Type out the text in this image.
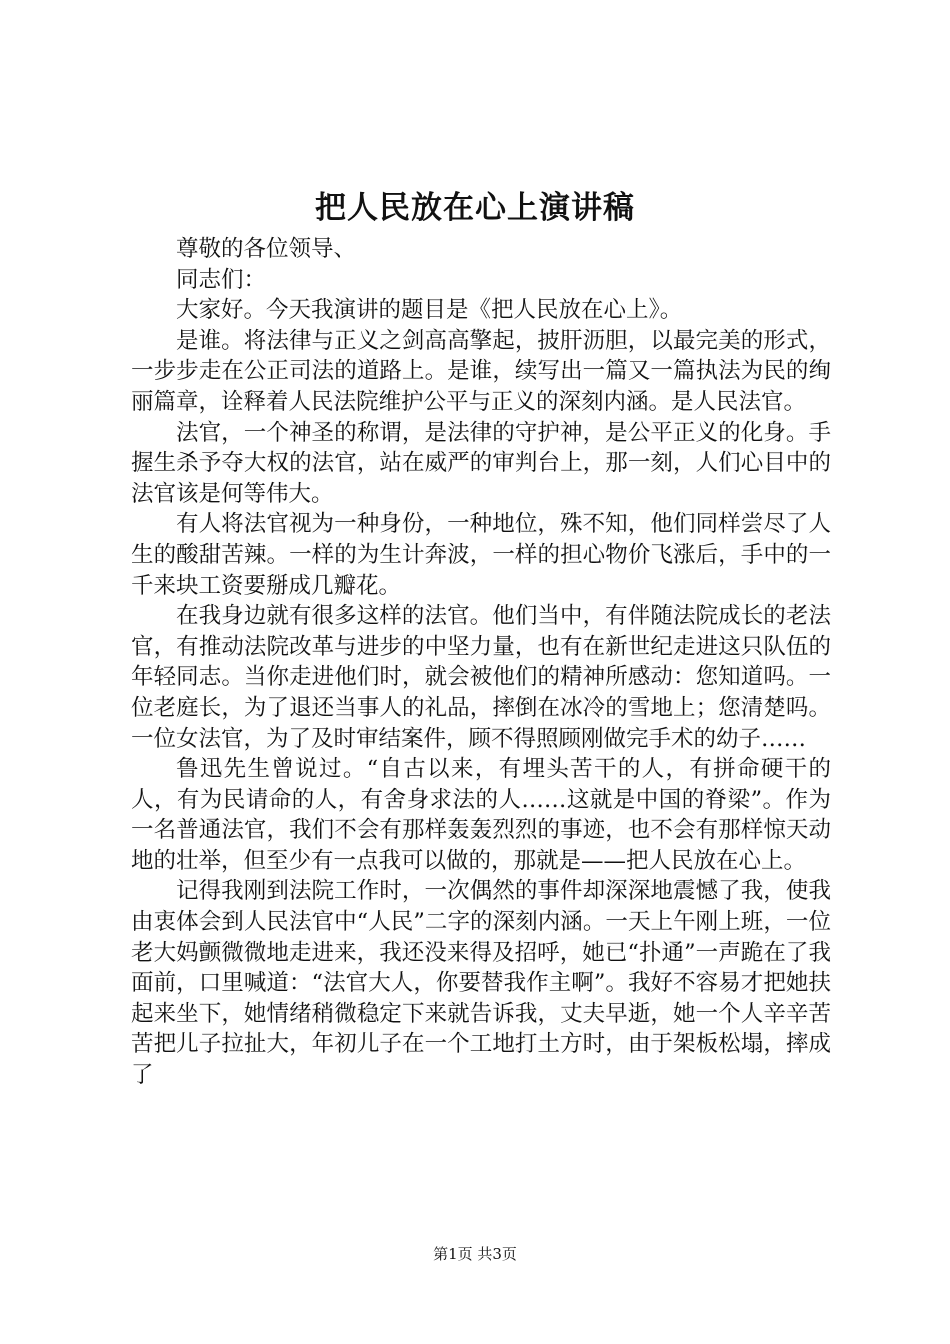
把人民放在心上演讲稿

尊敬的各位领导、

同志们：

大家好。今天我演讲的题目是《把人民放在心上》。

是谁。将法律与正义之剑高高擎起，披肝沥胆，以最完美的形式，一步步走在公正司法的道路上。是谁，续写出一篇又一篇执法为民的绚丽篇章，诠释着人民法院维护公平与正义的深刻内涵。是人民法官。

法官，一个神圣的称谓，是法律的守护神，是公平正义的化身。手握生杀予夺大权的法官，站在威严的审判台上，那一刻，人们心目中的法官该是何等伟大。

有人将法官视为一种身份，一种地位，殊不知，他们同样尝尽了人生的酸甜苦辣。一样的为生计奔波，一样的担心物价飞涨后，手中的一千来块工资要掰成几瓣花。

在我身边就有很多这样的法官。他们当中，有伴随法院成长的老法官，有推动法院改革与进步的中坚力量，也有在新世纪走进这只队伍的年轻同志。当你走进他们时，就会被他们的精神所感动：您知道吗。一位老庭长，为了退还当事人的礼品，摔倒在冰冷的雪地上；您清楚吗。一位女法官，为了及时审结案件，顾不得照顾刚做完手术的幼子……

鲁迅先生曾说过。“自古以来，有埋头苦干的人，有拼命硬干的人，有为民请命的人，有舍身求法的人……这就是中国的脊梁”。作为一名普通法官，我们不会有那样轰轰烈烈的事迹，也不会有那样惊天动地的壮举，但至少有一点我可以做的，那就是——把人民放在心上。

记得我刚到法院工作时，一次偶然的事件却深深地震憾了我，使我由衷体会到人民法官中“人民”二字的深刻内涵。一天上午刚上班，一位老大妈颤微微地走进来，我还没来得及招呼，她已“扑通”一声跪在了我面前，口里喊道：“法官大人，你要替我作主啊”。我好不容易才把她扶起来坐下，她情绪稍微稳定下来就告诉我，丈夫早逝，她一个人辛辛苦苦把儿子拉扯大，年初儿子在一个工地打土方时，由于架板松塌，摔成了

第1页 共3页
